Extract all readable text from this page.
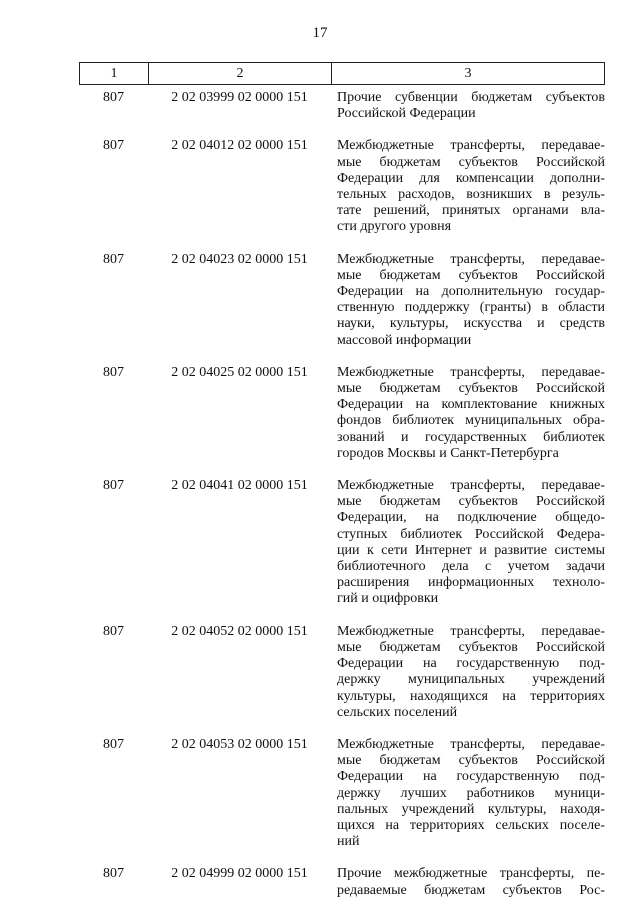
17
1	2	3
807	2 02 03999 02 0000 151	Прочие субвенции бюджетам субъектов
Российской Федерации
807	2 02 04012 02 0000 151	Межбюджетные трансферты, передавае-
мые бюджетам субъектов Российской
Федерации для компенсации дополни-
тельных расходов, возникших в резуль-
тате решений, принятых органами вла-
сти другого уровня
807	2 02 04023 02 0000 151	Межбюджетные трансферты, передавае-
мые бюджетам субъектов Российской
Федерации на дополнительную государ-
ственную поддержку (гранты) в области
науки, культуры, искусства и средств
массовой информации
807	2 02 04025 02 0000 151	Межбюджетные трансферты, передавае-
мые бюджетам субъектов Российской
Федерации на комплектование книжных
фондов библиотек муниципальных обра-
зований и государственных библиотек
городов Москвы и Санкт-Петербурга
807	2 02 04041 02 0000 151	Межбюджетные трансферты, передавае-
мые бюджетам субъектов Российской
Федерации, на подключение общедо-
ступных библиотек Российской Федера-
ции к сети Интернет и развитие системы
библиотечного дела с учетом задачи
расширения информационных техноло-
гий и оцифровки
807	2 02 04052 02 0000 151	Межбюджетные трансферты, передавае-
мые бюджетам субъектов Российской
Федерации на государственную под-
держку муниципальных учреждений
культуры, находящихся на территориях
сельских поселений
807	2 02 04053 02 0000 151	Межбюджетные трансферты, передавае-
мые бюджетам субъектов Российской
Федерации на государственную под-
держку лучших работников муници-
пальных учреждений культуры, находя-
щихся на территориях сельских поселе-
ний
807	2 02 04999 02 0000 151	Прочие межбюджетные трансферты, пе-
редаваемые бюджетам субъектов Рос-
